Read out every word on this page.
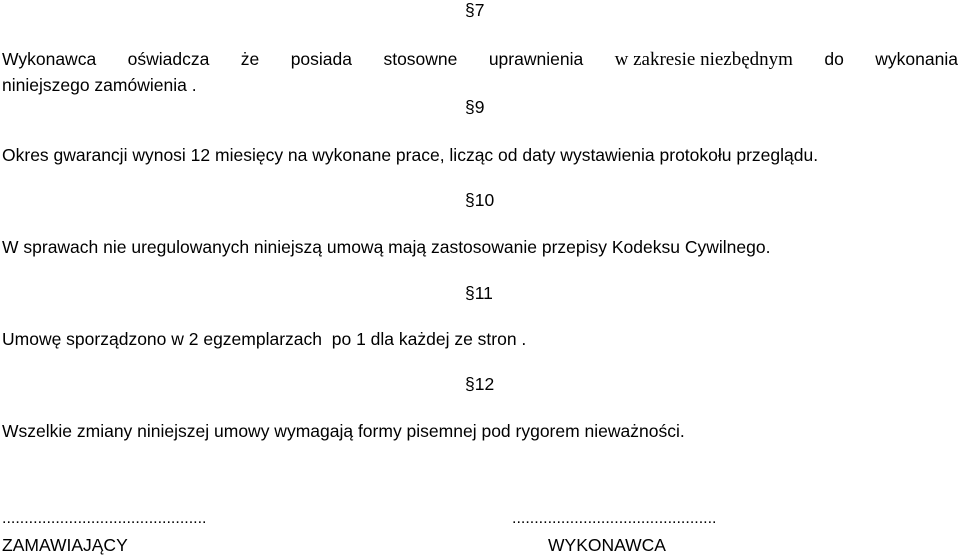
§7
Wykonawca oświadcza że posiada stosowne uprawnienia w zakresie niezbędnym do wykonania
niniejszego zamówienia .
§9
Okres gwarancji wynosi 12 miesięcy na wykonane prace, licząc od daty wystawienia protokołu przeglądu.
§10
W sprawach nie uregulowanych niniejszą umową mają zastosowanie przepisy Kodeksu Cywilnego.
§11
Umowę sporządzono w 2 egzemplarzach  po 1 dla każdej ze stron .
§12
Wszelkie zmiany niniejszej umowy wymagają formy pisemnej pod rygorem nieważności.
..............................................
ZAMAWIAJĄCY
..............................................
WYKONAWCA
